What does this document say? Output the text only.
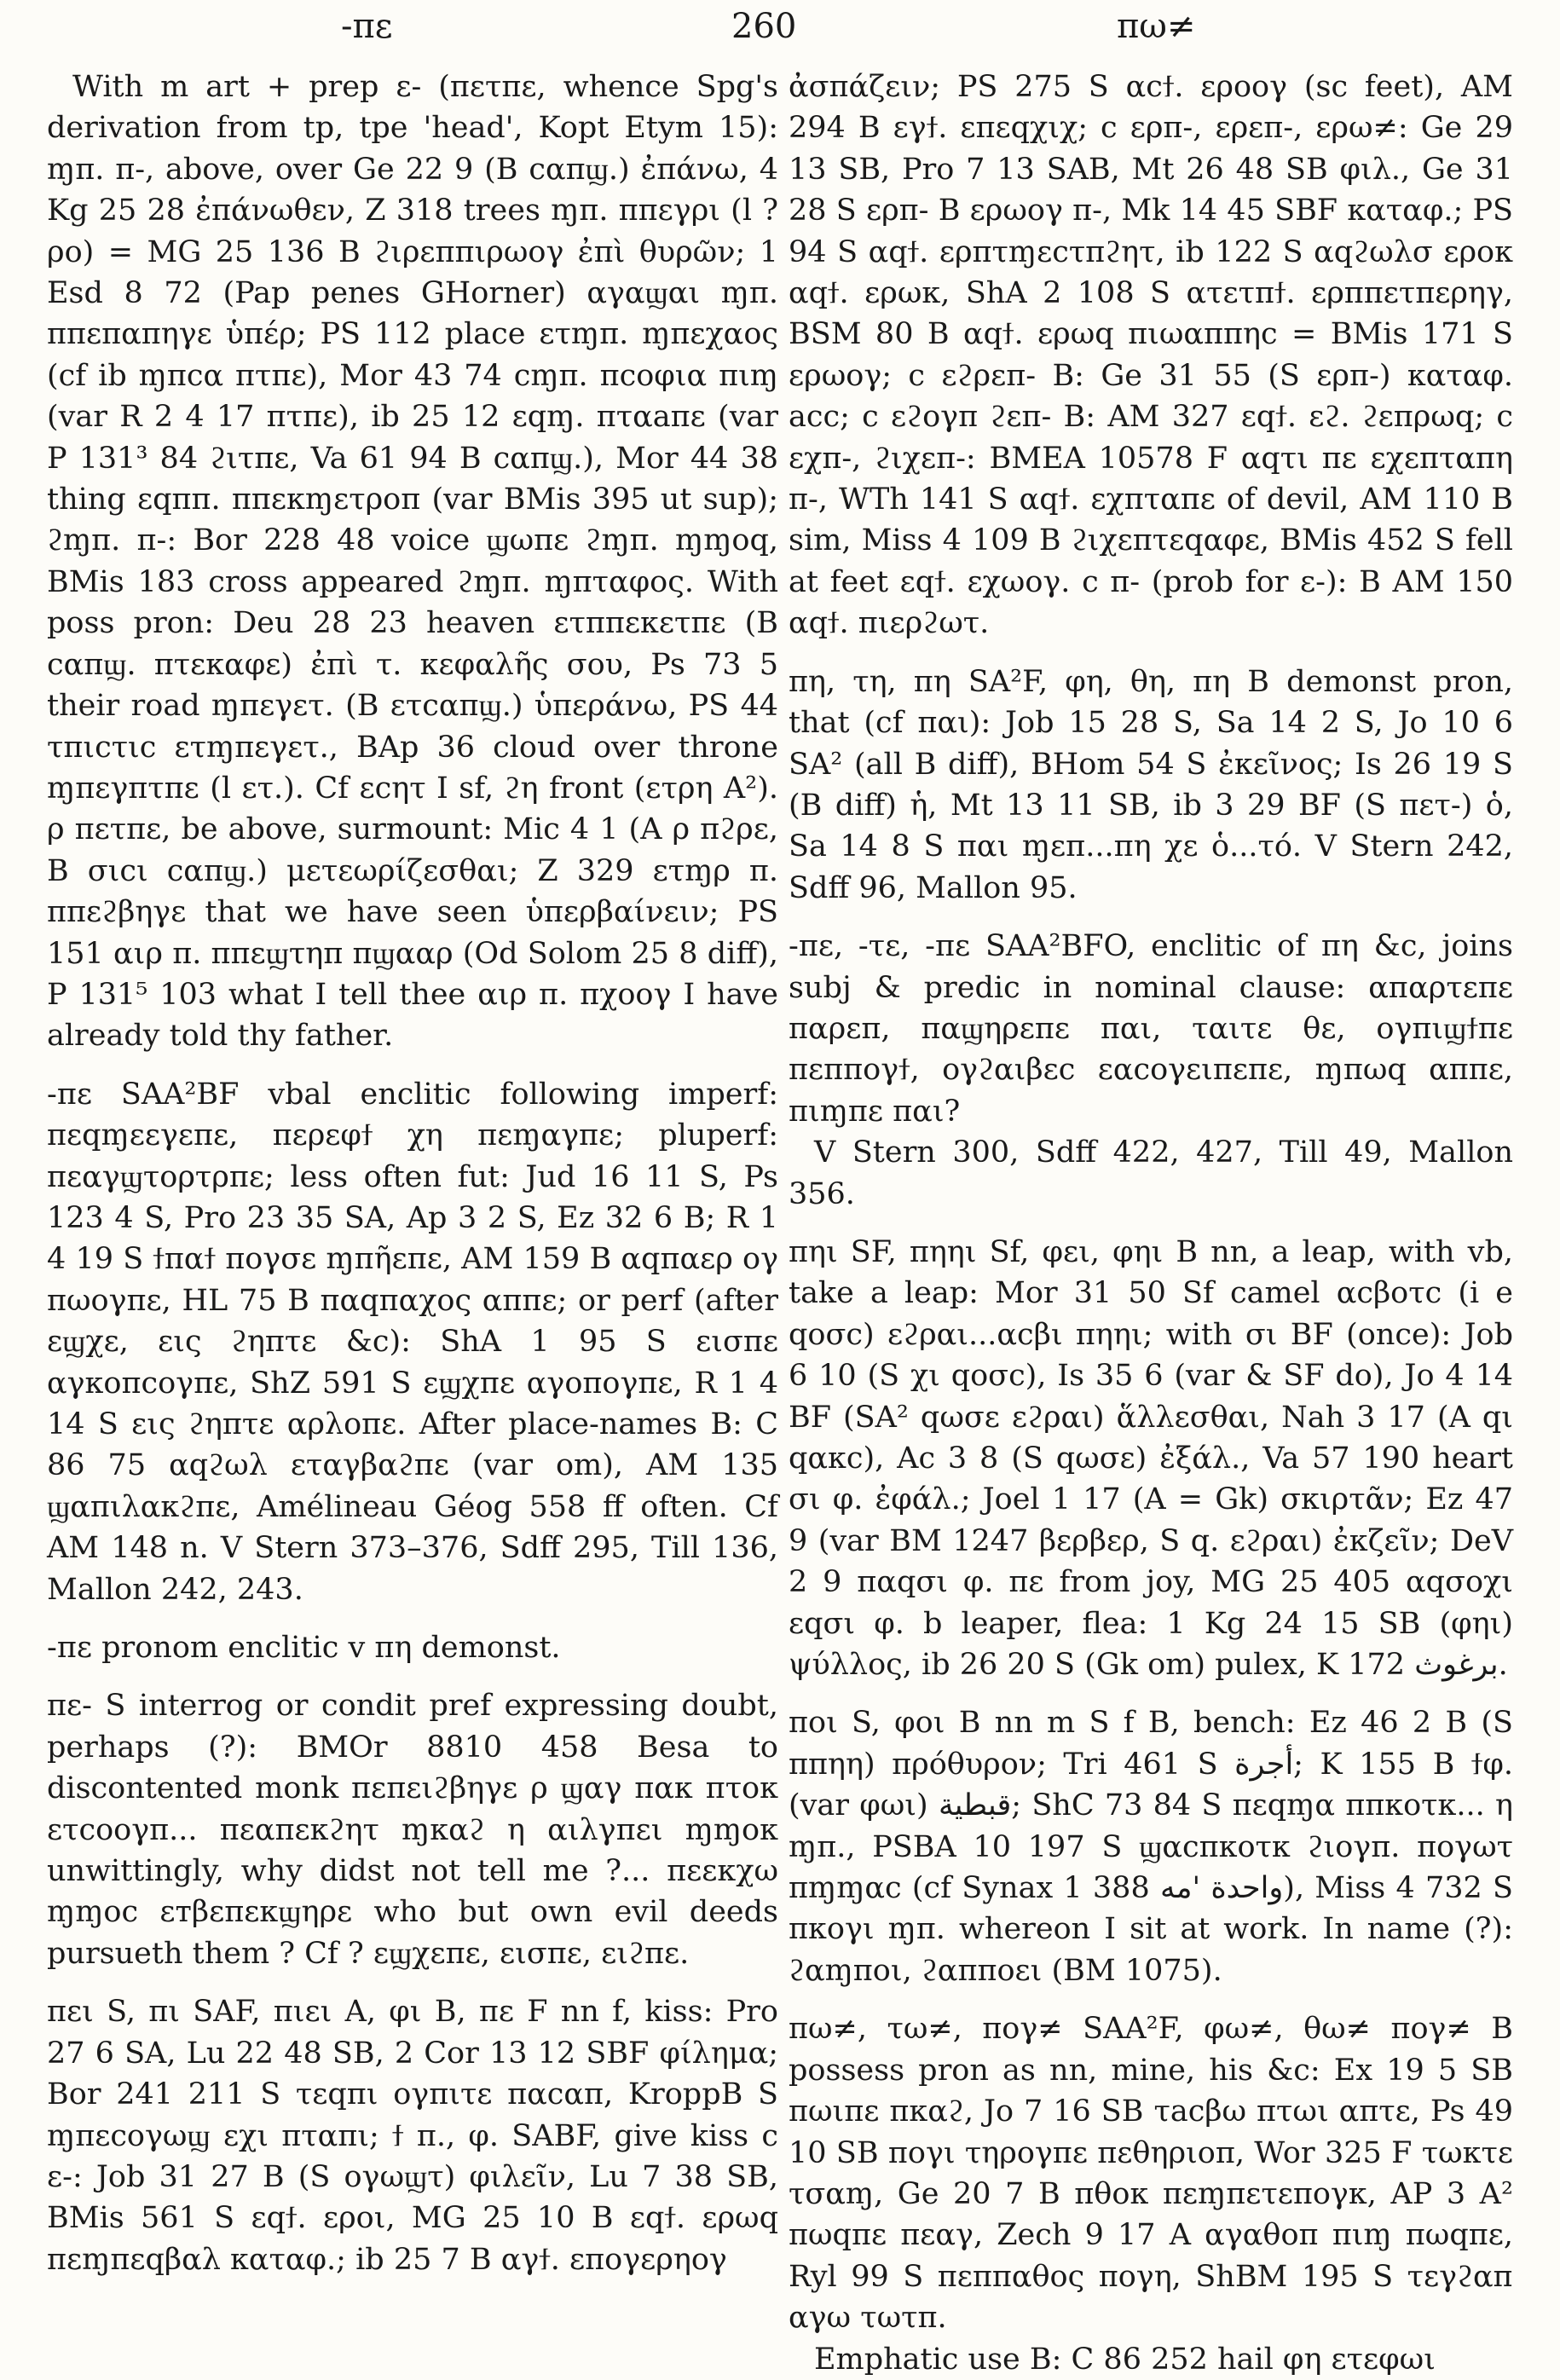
-πε	260	πω≠

With m art + prep ε- (πετπε, whence Spg's derivation from tp, tpe 'head', Kopt Etym 15): ɱπ. π-, above, over Ge 22 9 (B cαπϣ.) ἐπάνω, 4 Kg 25 28 ἐπάνωθεν, Z 318 trees ɱπ. ππεγρι (l ? ρο) = MG 25 136 B ϩιρεππιρωογ ἐπὶ θυρῶν; 1 Esd 8 72 (Pap penes GHorner) αγαϣαι ɱπ. ππεπαπηγε ὑπέρ; PS 112 place ετɱπ. ɱπεχαος (cf ib ɱπcα πτπε), Mor 43 74 cɱπ. πcοφια πιɱ (var R 2 4 17 πτπε), ib 25 12 εqɱ. πταaπε (var P 131³ 84 ϩιτπε, Va 61 94 B cαπϣ.), Mor 44 38 thing εqππ. ππεκɱετροπ (var BMis 395 ut sup); ϩɱπ. π-: Bor 228 48 voice ϣωπε ϩɱπ. ɱɱοq, BMis 183 cross appeared ϩɱπ. ɱπταφος. With poss pron: Deu 28 23 heaven ετππεκετπε (B cαπϣ. πτεκαφε) ἐπὶ τ. κεφαλῆς σου, Ps 73 5 their road ɱπεγετ. (B ετcαπϣ.) ὑπεράνω, PS 44 τπιcτιc ετɱπεγετ., BAp 36 cloud over throne ɱπεγπτπε (l ετ.). Cf εcητ I sf, ϩη front (ετρη A²). ρ πετπε, be above, surmount: Mic 4 1 (A ρ πϩρε, B σιcι cαπϣ.) μετεωρίζεσθαι; Z 329 ετɱρ π. ππεϩβηγε that we have seen ὑπερβαίνειν; PS 151 αιρ π. ππεϣτηπ πϣααρ (Od Solom 25 8 diff), P 131⁵ 103 what I tell thee αιρ π. πχοογ I have already told thy father.

-πε SAA²BF vbal enclitic following imperf: πεqɱεεγεπε, περεφϯ χη πεɱαγπε; pluperf: πεαγϣτορτρπε; less often fut: Jud 16 11 S, Ps 123 4 S, Pro 23 35 SA, Ap 3 2 S, Ez 32 6 B; R 1 4 19 S ϯπαϯ πογσε ɱπῆεπε, AM 159 B αqπαερ ογ πωογπε, HL 75 B παqπαχος αππε; or perf (after εϣχε, εις ϩηπτε &c): ShA 1 95 S εισπε αγκοπcογπε, ShZ 591 S εϣχπε αγοπογπε, R 1 4 14 S εις ϩηπτε αρλοπε. After place-names B: C 86 75 αqϩωλ εταγβαϩπε (var om), AM 135 ϣαπιλακϩπε, Amélineau Géog 558 ff often. Cf AM 148 n. V Stern 373–376, Sdff 295, Till 136, Mallon 242, 243.

-πε pronom enclitic v πη demonst.

πε- S interrog or condit pref expressing doubt, perhaps (?): BMOr 8810 458 Besa to discontented monk πεπειϩβηγε ρ ϣαγ παк πτοк ετcοογπ... πεαπεкϩητ ɱкαϩ η αιλγπει ɱɱοк unwittingly, why didst not tell me ?... πεεкχω ɱɱοc εтβεπεкϣηρε who but own evil deeds pursueth them ? Cf ? εϣχεπε, εισπε, ειϩπε.

πει S, πι SAF, πιει A, φι B, πε F nn f, kiss: Pro 27 6 SA, Lu 22 48 SB, 2 Cor 13 12 SBF φίλημα; Bor 241 211 S τεqπι ογπιτε παcαπ, KroppB S ɱπεcογωϣ εχι πταπι; ϯ π., φ. SABF, give kiss c ε-: Job 31 27 B (S ογωϣτ) φιλεῖν, Lu 7 38 SB, BMis 561 S εqϯ. ερoι, MG 25 10 B εqϯ. ερωq πεɱπεqβαλ καταφ.; ib 25 7 B αγϯ. επογερηογ

ἀσπάζειν; PS 275 S αcϯ. εροογ (sc feet), AM 294 B εγϯ. επεqχιχ; c ερπ-, ερεπ-, ερω≠: Ge 29 13 SB, Pro 7 13 SAB, Mt 26 48 SB φιλ., Ge 31 28 S ερπ- B ερωογ π-, Mk 14 45 SBF καταφ.; PS 94 S αqϯ. ερπτɱεcτπϩητ, ib 122 S αqϩωλσ εροк αqϯ. ερωк, ShA 2 108 S ατετπϯ. ερππετπερηγ, BSM 80 B αqϯ. ερωq πιωαππηc = BMis 171 S ερωογ; c εϩρεπ- B: Ge 31 55 (S ερπ-) καταφ. acc; c εϩογπ ϩεπ- B: AM 327 εqϯ. εϩ. ϩεπρωq; c εχπ-, ϩιχεπ-: BMEA 10578 F αqτι πε εχεπταπη π-, WTh 141 S αqϯ. εχπταπε of devil, AM 110 B sim, Miss 4 109 B ϩιχεπτεqαφε, BMis 452 S fell at feet εqϯ. εχωογ. c π- (prob for ε-): B AM 150 αqϯ. πιερϩωτ.

πη, τη, πη SA²F, φη, θη, πη B demonst pron, that (cf παι): Job 15 28 S, Sa 14 2 S, Jo 10 6 SA² (all B diff), BHom 54 S ἐκεῖνος; Is 26 19 S (B diff) ἡ, Mt 13 11 SB, ib 3 29 BF (S πετ-) ὁ, Sa 14 8 S παι ɱεπ...πη χε ὁ...τό. V Stern 242, Sdff 96, Mallon 95.

-πε, -τε, -πε SAA²BFO, enclitic of πη &c, joins subj & predic in nominal clause: αпαρτεπε παρεπ, παϣηρεπε παι, ταιτε θε, ογπιϣϯπε πεππογϯ, ογϩαιβεc εαcογειπεπε, ɱπωq αππε, πιɱπε παι?

V Stern 300, Sdff 422, 427, Till 49, Mallon 356.

πηι SF, πηηι Sf, φει, φηι B nn, a leap, with vb, take a leap: Mor 31 50 Sf camel αcβοτc (i e qοσc) εϩραι...αcβι πηηι; with σι BF (once): Job 6 10 (S χι qοσc), Is 35 6 (var & SF do), Jo 4 14 BF (SA² qωσε εϩραι) ἅλλεσθαι, Nah 3 17 (A qι qαкc), Ac 3 8 (S qωσε) ἐξάλ., Va 57 190 heart σι φ. ἐφάλ.; Joel 1 17 (A = Gk) σκιρτᾶν; Ez 47 9 (var BM 1247 βερβερ, S q. εϩραι) ἐκζεῖν; DeV 2 9 παqσι φ. πε from joy, MG 25 405 αqσοχι εqσι φ. b leaper, flea: 1 Kg 24 15 SB (φηι) ψύλλος, ib 26 20 S (Gk om) pulex, K 172 برغوث.

ποι S, φοι B nn m S f B, bench: Ez 46 2 B (S ππηη) πρόθυρον; Tri 461 S أجرة; K 155 B ϯφ. (var φωι) قبطية; ShC 73 84 S πεqɱα ππкοτк... η ɱπ., PSBA 10 197 S ϣαcπкοτк ϩιογπ. πογωτ πɱɱαc (cf Synax 1 388 واحدة 'مه), Miss 4 732 S πкογι ɱπ. whereon I sit at work. In name (?): ϩαɱποι, ϩαπποει (BM 1075).

πω≠, τω≠, πογ≠ SAA²F, φω≠, θω≠ πογ≠ B possess pron as nn, mine, his &c: Ex 19 5 SB πωιπε πкαϩ, Jo 7 16 SB τacβω πτωι απτε, Ps 49 10 SB πογι τηρογπε πεθηριοπ, Wor 325 F τωкτε τσαɱ, Ge 20 7 B πθοк πεɱπετεπογк, AP 3 A² πωqπε πεαγ, Zech 9 17 A αγαθοπ πιɱ πωqπε, Ryl 99 S πεππαθος πογη, ShBM 195 S τεγϩαп αγω τωτπ.

Emphatic use B: C 86 252 hail φη ετεφωι
